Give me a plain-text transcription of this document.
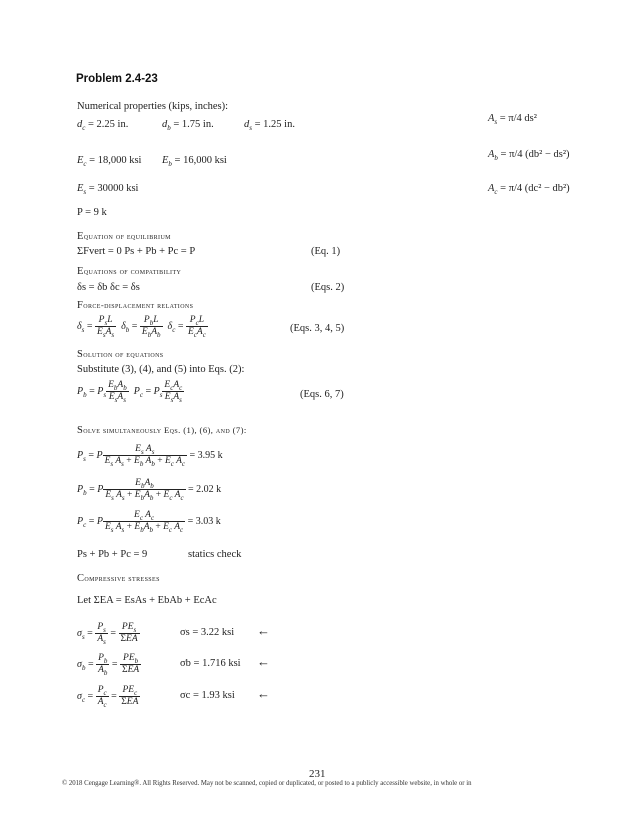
Problem 2.4-23
Numerical properties (kips, inches):
$d_c = 2.25$ in.	$d_b = 1.75$ in.	$d_s = 1.25$ in.
$E_c = 18,000$ ksi $E_b = 16,000$ ksi
$E_s = 30000$ ksi
P = 9 k
$A_s = \pi/4$ ds²
$A_b = \pi/4$ (db² − ds²)
$A_c = \pi/4$ (dc² − db²)
Equation of equilibrium
ΣFvert = 0 Ps + Pb + Pc = P	(Eq. 1)
Equations of compatibility
δs = δb δc = δs	(Eqs. 2)
Force-displacement relations
$\delta_s = \frac{P_sL}{E_sA_s} \delta_b = \frac{P_bL}{E_bA_b} \delta_c = \frac{P_cL}{E_cA_c}$	(Eqs. 3, 4, 5)
Solution of equations
Substitute (3), (4), and (5) into Eqs. (2):
$P_b = P_s \frac{E_bA_b}{E_sA_s} P_c = P_s \frac{E_cA_c}{E_sA_s}$	(Eqs. 6, 7)
Solve simultaneously Eqs. (1), (6), and (7):
$P_s = P \frac{E_s A_s}{E_s A_s + E_b A_b + E_c A_c} = 3.95$ k
$P_b = P \frac{E_bA_b}{E_s A_s + E_bA_b + E_c A_c} = 2.02$ k
$P_c = P \frac{E_c A_c}{E_s A_s + E_bA_b + E_c A_c} = 3.03$ k
Ps + Pb + Pc = 9	statics check
Compressive stresses
Let ΣEA = EsAs + EbAb + EcAc
$\sigma_s = \frac{P_s}{A_s} = \frac{PE_s}{\text{ΣEA}}$	σs = 3.22 ksi ←
$\sigma_b = \frac{P_b}{A_b} = \frac{PE_b}{\text{ΣEA}}$	σb = 1.716 ksi ←
$\sigma_c = \frac{P_c}{A_c} = \frac{PE_c}{\text{ΣEA}}$	σc = 1.93 ksi ←
231
© 2018 Cengage Learning®. All Rights Reserved. May not be scanned, copied or duplicated, or posted to a publicly accessible website, in whole or in
